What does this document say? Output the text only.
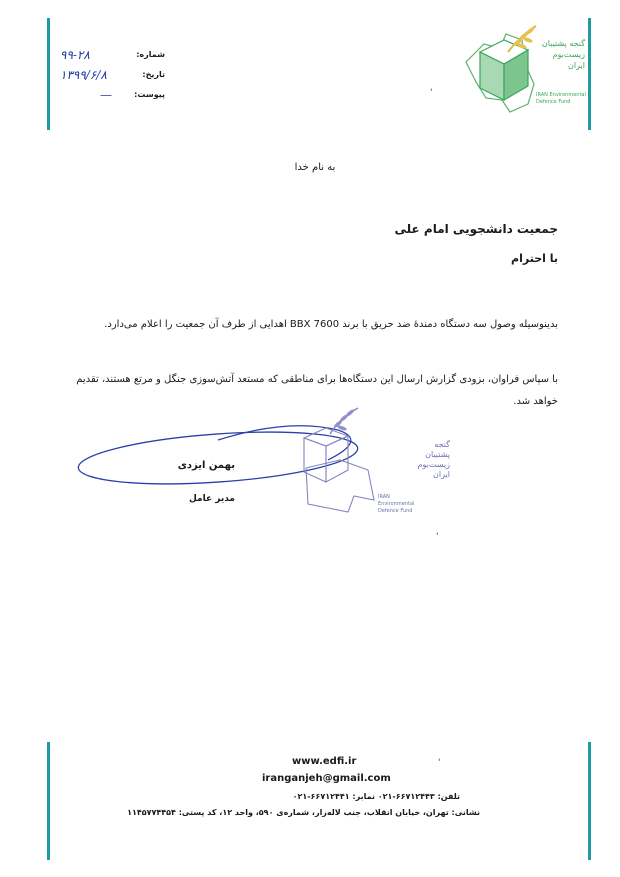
۹۹-۲۸	شماره:
۱۳۹۹/۶/۸	تاریخ:
—	پیوست:
گنجه پشتیبان زیست‌بوم ایران
IRAN Environmental Defence Fund
'
به نام خدا
جمعیت دانشجویی امام علی
با احترام
بدینوسیله وصول سه دستگاه دمندهٔ ضد حریق با برند BBX 7600 اهدایی از طرف آن جمعیت را اعلام می‌دارد.
با سپاس فراوان، بزودی گزارش ارسال این دستگاه‌ها برای مناطقی که مستعد آتش‌سوزی جنگل و مرتع هستند، تقدیم خواهد شد.
گنجه پشتیبان زیست‌بوم ایران
IRAN Environmental Defence Fund
بهمن ایزدی
مدیر عامل
'
'
www.edfi.ir
iranganjeh@gmail.com
تلفن: ۶۶۷۱۲۴۴۳-۰۲۱ نمابر: ۶۶۷۱۲۴۴۱-۰۲۱
نشانی: تهران، خیابان انقلاب، جنب لاله‌زار، شماره‌ی ۵۹۰، واحد ۱۲، کد پستی: ۱۱۴۵۷۷۴۴۵۴
